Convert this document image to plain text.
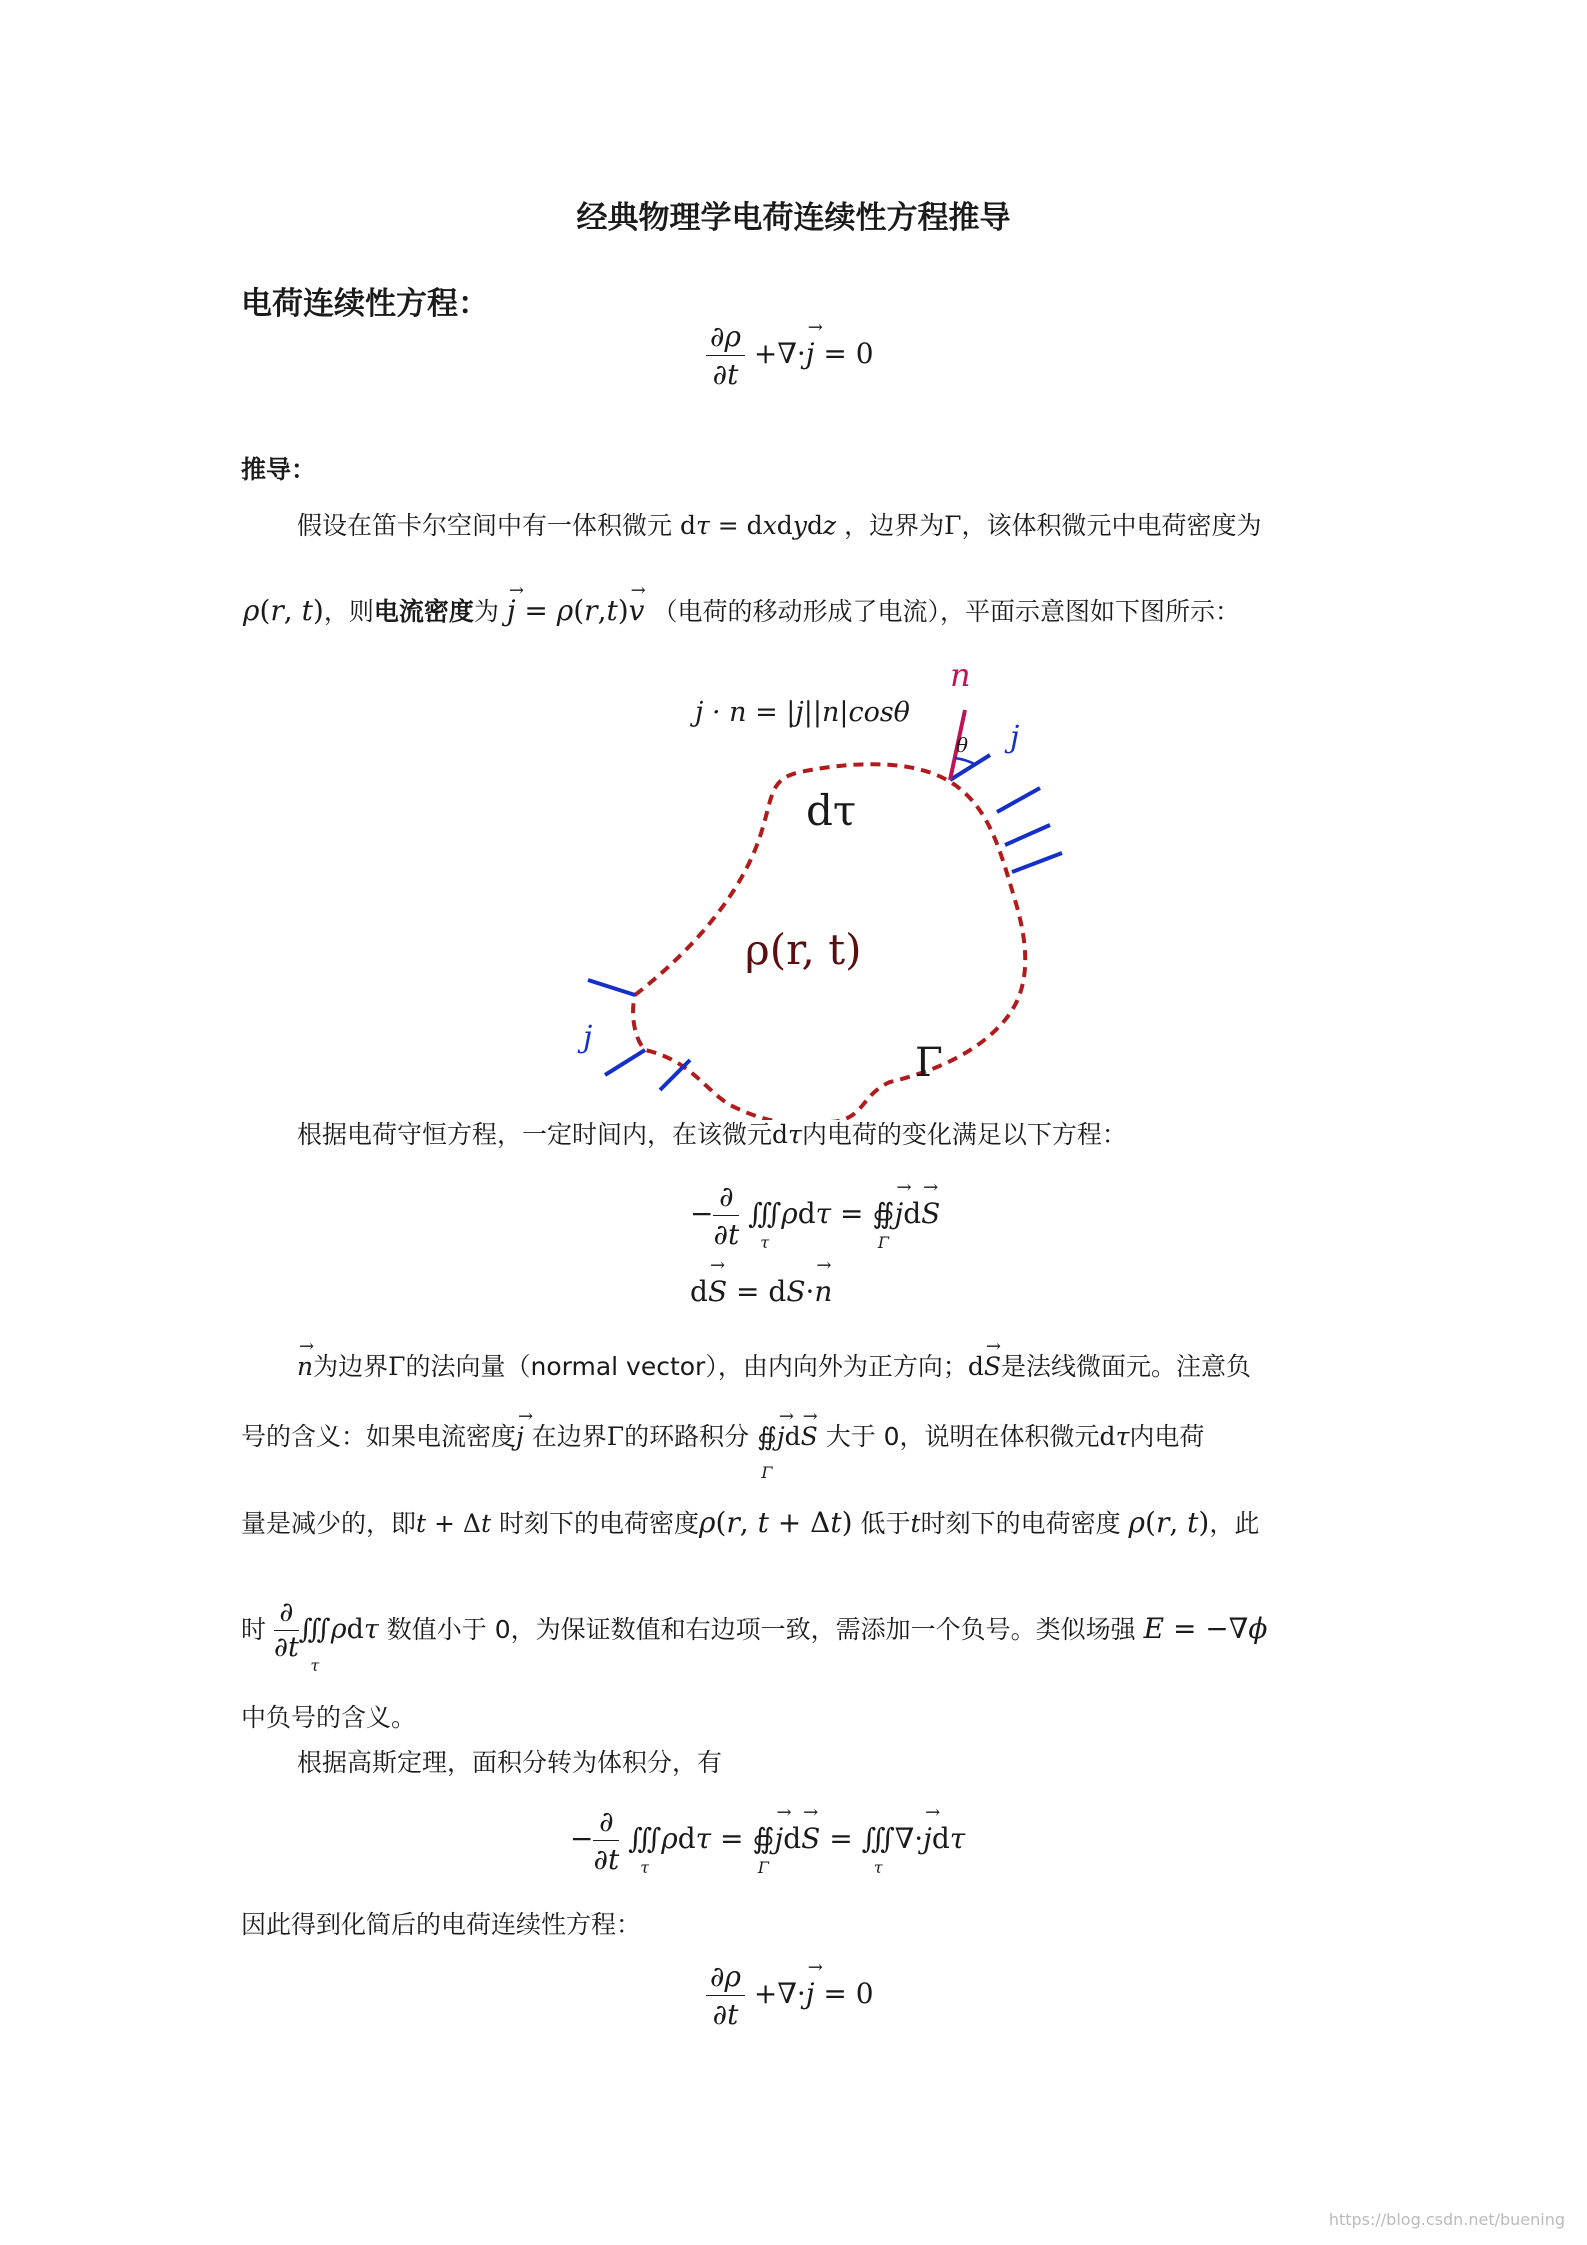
经典物理学电荷连续性方程推导
电荷连续性方程：
$\frac{\partial\rho}{\partial t}$ +∇·→ j = 0
推导：
假设在笛卡尔空间中有一体积微元 dτ = dxdydz ，边界为Γ，该体积微元中电荷密度为
ρ(r, t)，则电流密度为 → j = ρ(r,t)→ v （电荷的移动形成了电流），平面示意图如下图所示：
j · n = |j||n|cosθ
n
θ j
dτ
ρ(r, t)
j
Γ
根据电荷守恒方程，一定时间内，在该微元dτ内电荷的变化满足以下方程：
− $\frac{\partial}{\partial t}$ ∭
τ
ρdτ = ∯
Γ
→ jd→ S
d→ S = dS·→ n
→ n为边界Γ的法向量（normal vector），由内向外为正方向；d→ S是法线微面元。注意负
号的含义：如果电流密度→ j 在边界Γ的环路积分 ∯
Γ
→ jd→ S 大于 0，说明在体积微元dτ内电荷
量是减少的，即t + Δt 时刻下的电荷密度ρ(r, t + Δt) 低于t时刻下的电荷密度 ρ(r, t)，此
时 $\frac{\partial}{\partial t}$ ∭
τ
ρdτ 数值小于 0，为保证数值和右边项一致，需添加一个负号。类似场强 E = −∇ϕ
中负号的含义。
根据高斯定理，面积分转为体积分，有
− $\frac{\partial}{\partial t}$ ∭
τ
ρdτ = ∯
Γ
→ jd→ S = ∭
τ
∇·→ jdτ
因此得到化简后的电荷连续性方程：
$\frac{\partial\rho}{\partial t}$ +∇·→ j = 0
https://blog.csdn.net/buening
